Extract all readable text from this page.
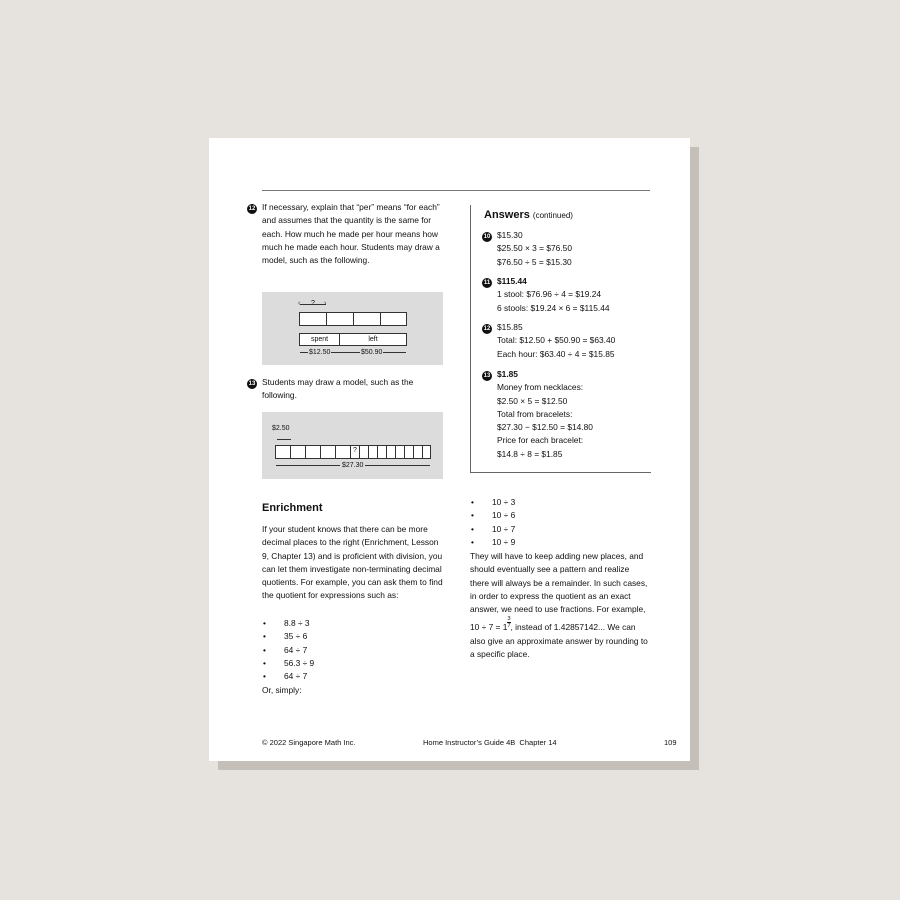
12 If necessary, explain that “per” means “for each” and assumes that the quantity is the same for each. How much he made per hour means how much he made each hour. Students may draw a model, such as the following.

‹	›
spent	left
$12.50	$50.90
13 Students may draw a model, such as the following.

$2.50
?
$27.30
Answers (continued)
10 $15.30
$25.50 × 3 = $76.50
$76.50 ÷ 5 = $15.30
11 $115.44
1 stool: $76.96 ÷ 4 = $19.24
6 stools: $19.24 × 6 = $115.44
12 $15.85
Total: $12.50 + $50.90 = $63.40
Each hour: $63.40 ÷ 4 = $15.85
13 $1.85
Money from necklaces:
$2.50 × 5 = $12.50
Total from bracelets:
$27.30 − $12.50 = $14.80
Price for each bracelet:
$14.8 ÷ 8 = $1.85
Enrichment

If your student knows that there can be more decimal places to the right (Enrichment, Lesson 9, Chapter 13) and is proficient with division, you can let them investigate non-terminating decimal quotients. For example, you can ask them to find the quotient for expressions such as:

• 8.8 ÷ 3
• 35 ÷ 6
• 64 ÷ 7
• 56.3 ÷ 9
• 64 ÷ 7

Or, simply:

• 10 ÷ 3
• 10 ÷ 6
• 10 ÷ 7
• 10 ÷ 9

They will have to keep adding new places, and should eventually see a pattern and realize there will always be a remainder. In such cases, in order to express the quotient as an exact answer, we need to use fractions. For example, 10 ÷ 7 = 1 $^{\frac{3}{7}}$ , instead of 1.42857142... We can also give an approximate answer by rounding to a specific place.

© 2022 Singapore Math Inc.	Home Instructor’s Guide 4B  Chapter 14	109
